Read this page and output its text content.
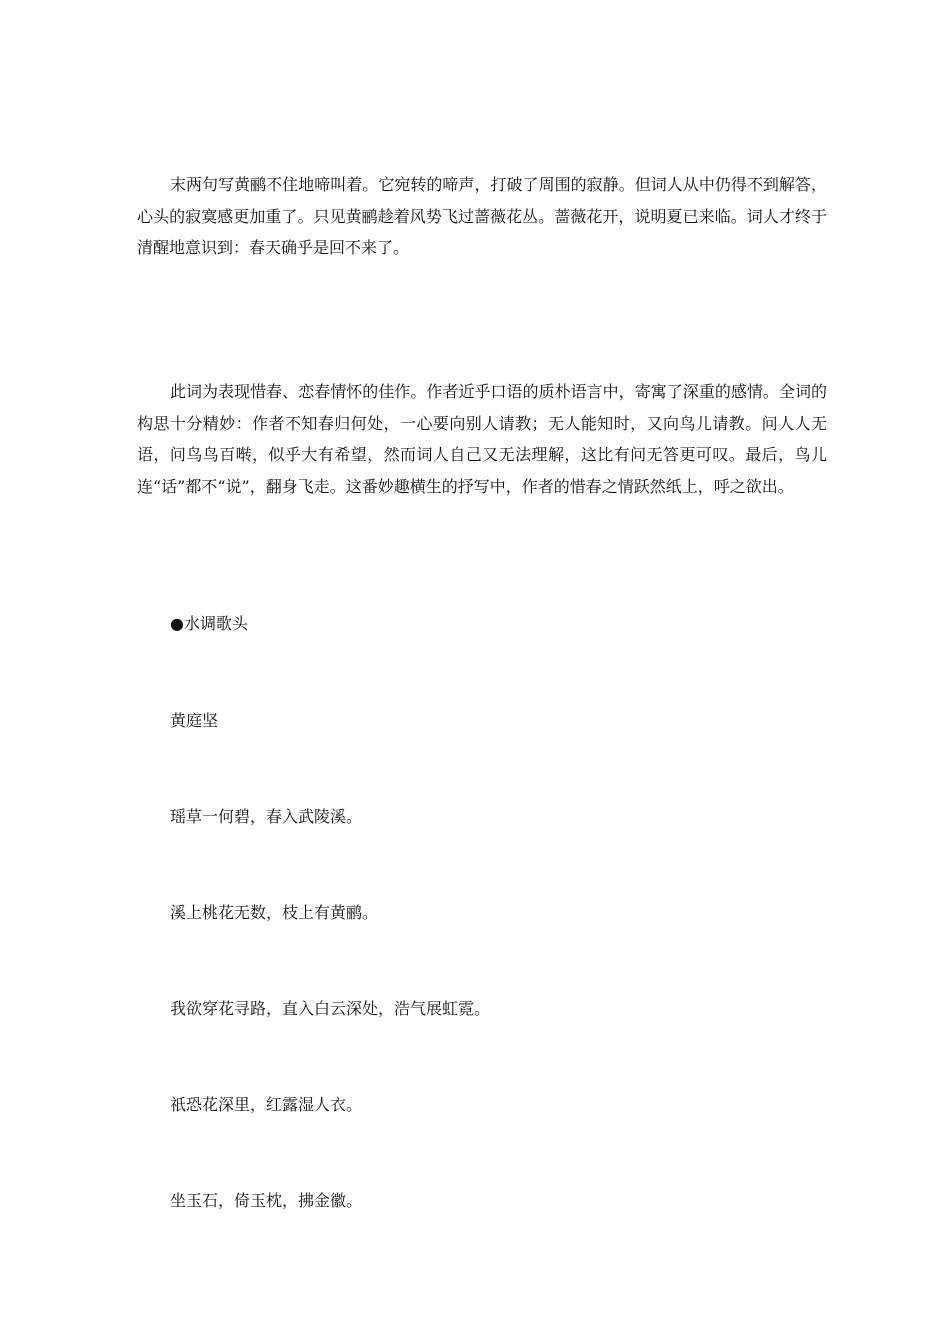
末两句写黄鹂不住地啼叫着。它宛转的啼声，打破了周围的寂静。但词人从中仍得不到解答，心头的寂寞感更加重了。只见黄鹂趁着风势飞过蔷薇花丛。蔷薇花开，说明夏已来临。词人才终于清醒地意识到：春天确乎是回不来了。

此词为表现惜春、恋春情怀的佳作。作者近乎口语的质朴语言中，寄寓了深重的感情。全词的构思十分精妙：作者不知春归何处，一心要向别人请教；无人能知时，又向鸟儿请教。问人人无语，问鸟鸟百啭，似乎大有希望，然而词人自己又无法理解，这比有问无答更可叹。最后，鸟儿连“话”都不“说”，翻身飞走。这番妙趣横生的抒写中，作者的惜春之情跃然纸上，呼之欲出。

●水调歌头

黄庭坚

瑶草一何碧，春入武陵溪。

溪上桃花无数，枝上有黄鹂。

我欲穿花寻路，直入白云深处，浩气展虹霓。

祇恐花深里，红露湿人衣。

坐玉石，倚玉枕，拂金徽。
